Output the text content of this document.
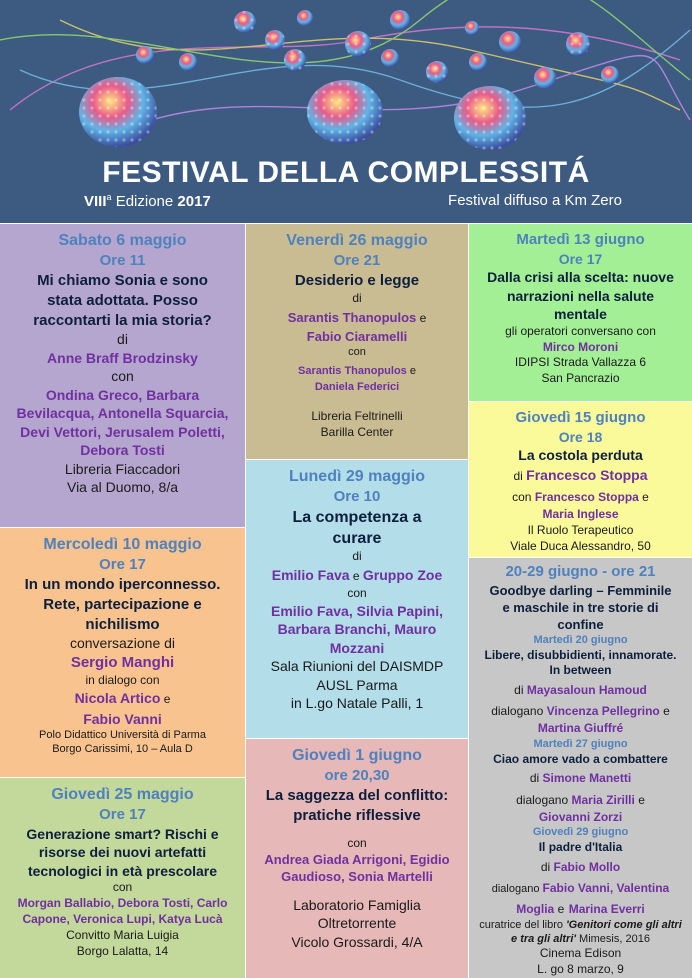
FESTIVAL DELLA COMPLESSITÁ
VIII$^a$ Edizione 2017	Festival diffuso a Km Zero
Sabato 6 maggio
Ore 11
Mi chiamo Sonia e sono
stata adottata. Posso
raccontarti la mia storia?
di
Anne Braff Brodzinsky
con
Ondina Greco, Barbara
Bevilacqua, Antonella Squarcia,
Devi Vettori, Jerusalem Poletti,
Debora Tosti
Libreria Fiaccadori
Via al Duomo, 8/a
Mercoledì 10 maggio
Ore 17
In un mondo iperconnesso.
Rete, partecipazione e
nichilismo
conversazione di
Sergio Manghi
in dialogo con
Nicola Artico e
Fabio Vanni
Polo Didattico Università di Parma
Borgo Carissimi, 10 – Aula D
Giovedì 25 maggio
Ore 17
Generazione smart? Rischi e
risorse dei nuovi artefatti
tecnologici in età prescolare
con
Morgan Ballabio, Debora Tosti, Carlo
Capone, Veronica Lupi, Katya Lucà
Convitto Maria Luigia
Borgo Lalatta, 14
Venerdì 26 maggio
Ore 21
Desiderio e legge
di
Sarantis Thanopulos e
Fabio Ciaramelli
con
Sarantis Thanopulos e
Daniela Federici
Libreria Feltrinelli
Barilla Center
Lunedì 29 maggio
Ore 10
La competenza a
curare
di
Emilio Fava e Gruppo Zoe
con
Emilio Fava, Silvia Papini,
Barbara Branchi, Mauro
Mozzani
Sala Riunioni del DAISMDP
AUSL Parma
in L.go Natale Palli, 1
Giovedì 1 giugno
ore 20,30
La saggezza del conflitto:
pratiche riflessive
con
Andrea Giada Arrigoni, Egidio
Gaudioso, Sonia Martelli
Laboratorio Famiglia
Oltretorrente
Vicolo Grossardi, 4/A
Martedì 13 giugno
Ore 17
Dalla crisi alla scelta: nuove
narrazioni nella salute
mentale
gli operatori conversano con
Mirco Moroni
IDIPSI Strada Vallazza 6
San Pancrazio
Giovedì 15 giugno
Ore 18
La costola perduta
di Francesco Stoppa
con Francesco Stoppa e
Maria Inglese
Il Ruolo Terapeutico
Viale Duca Alessandro, 50
20-29 giugno - ore 21
Goodbye darling – Femminile
e maschile in tre storie di
confine
Martedì 20 giugno
Libere, disubbidienti, innamorate.
In between
di Mayasaloun Hamoud
dialogano Vincenza Pellegrino e
Martina Giuffré
Martedì 27 giugno
Ciao amore vado a combattere
di Simone Manetti
dialogano Maria Zirilli e
Giovanni Zorzi
Giovedì 29 giugno
Il padre d'Italia
di Fabio Mollo
dialogano Fabio Vanni, Valentina
Moglia e Marina Everri
curatrice del libro 'Genitori come gli altri e tra gli altri' Mimesis, 2016
Cinema Edison
L. go 8 marzo, 9
